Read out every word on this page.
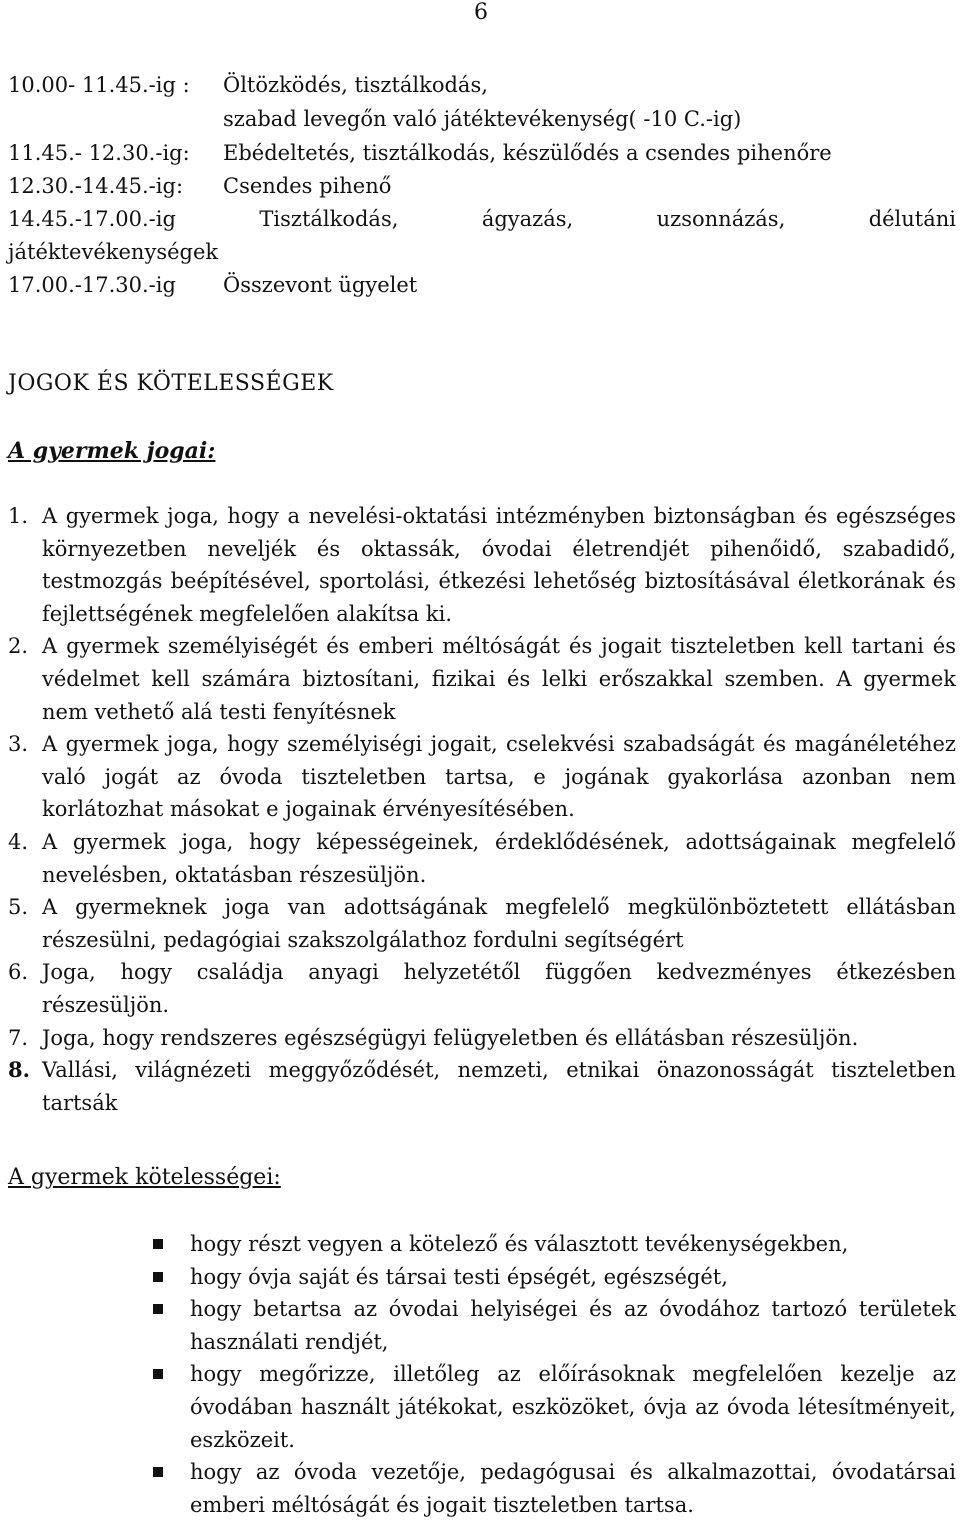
6
10.00- 11.45.-ig : Öltözködés, tisztálkodás,
szabad levegőn való játéktevékenység( -10 C.-ig)
11.45.- 12.30.-ig: Ebédeltetés, tisztálkodás, készülődés a csendes pihenőre
12.30.-14.45.-ig: Csendes pihenő
14.45.-17.00.-ig	Tisztálkodás,	ágyazás,	uzsonnázás,	délutáni
játéktevékenységek
17.00.-17.30.-ig Összevont ügyelet
JOGOK ÉS KÖTELESSÉGEK
A gyermek jogai:
1. A gyermek joga, hogy a nevelési-oktatási intézményben biztonságban és egészséges környezetben neveljék és oktassák, óvodai életrendjét pihenőidő, szabadidő, testmozgás beépítésével, sportolási, étkezési lehetőség biztosításával életkorának és fejlettségének megfelelően alakítsa ki.
2. A gyermek személyiségét és emberi méltóságát és jogait tiszteletben kell tartani és védelmet kell számára biztosítani, fizikai és lelki erőszakkal szemben. A gyermek nem vethető alá testi fenyítésnek
3. A gyermek joga, hogy személyiségi jogait, cselekvési szabadságát és magánéletéhez való jogát az óvoda tiszteletben tartsa, e jogának gyakorlása azonban nem korlátozhat másokat e jogainak érvényesítésében.
4. A gyermek joga, hogy képességeinek, érdeklődésének, adottságainak megfelelő nevelésben, oktatásban részesüljön.
5. A gyermeknek joga van adottságának megfelelő megkülönböztetett ellátásban részesülni, pedagógiai szakszolgálathoz fordulni segítségért
6. Joga, hogy családja anyagi helyzetétől függően kedvezményes étkezésben részesüljön.
7. Joga, hogy rendszeres egészségügyi felügyeletben és ellátásban részesüljön.
8. Vallási, világnézeti meggyőződését, nemzeti, etnikai önazonosságát tiszteletben tartsák
A gyermek kötelességei:
hogy részt vegyen a kötelező és választott tevékenységekben,
hogy óvja saját és társai testi épségét, egészségét,
hogy betartsa az óvodai helyiségei és az óvodához tartozó területek használati rendjét,
hogy megőrizze, illetőleg az előírásoknak megfelelően kezelje az óvodában használt játékokat, eszközöket, óvja az óvoda létesítményeit, eszközeit.
hogy az óvoda vezetője, pedagógusai és alkalmazottai, óvodatársai emberi méltóságát és jogait tiszteletben tartsa.
